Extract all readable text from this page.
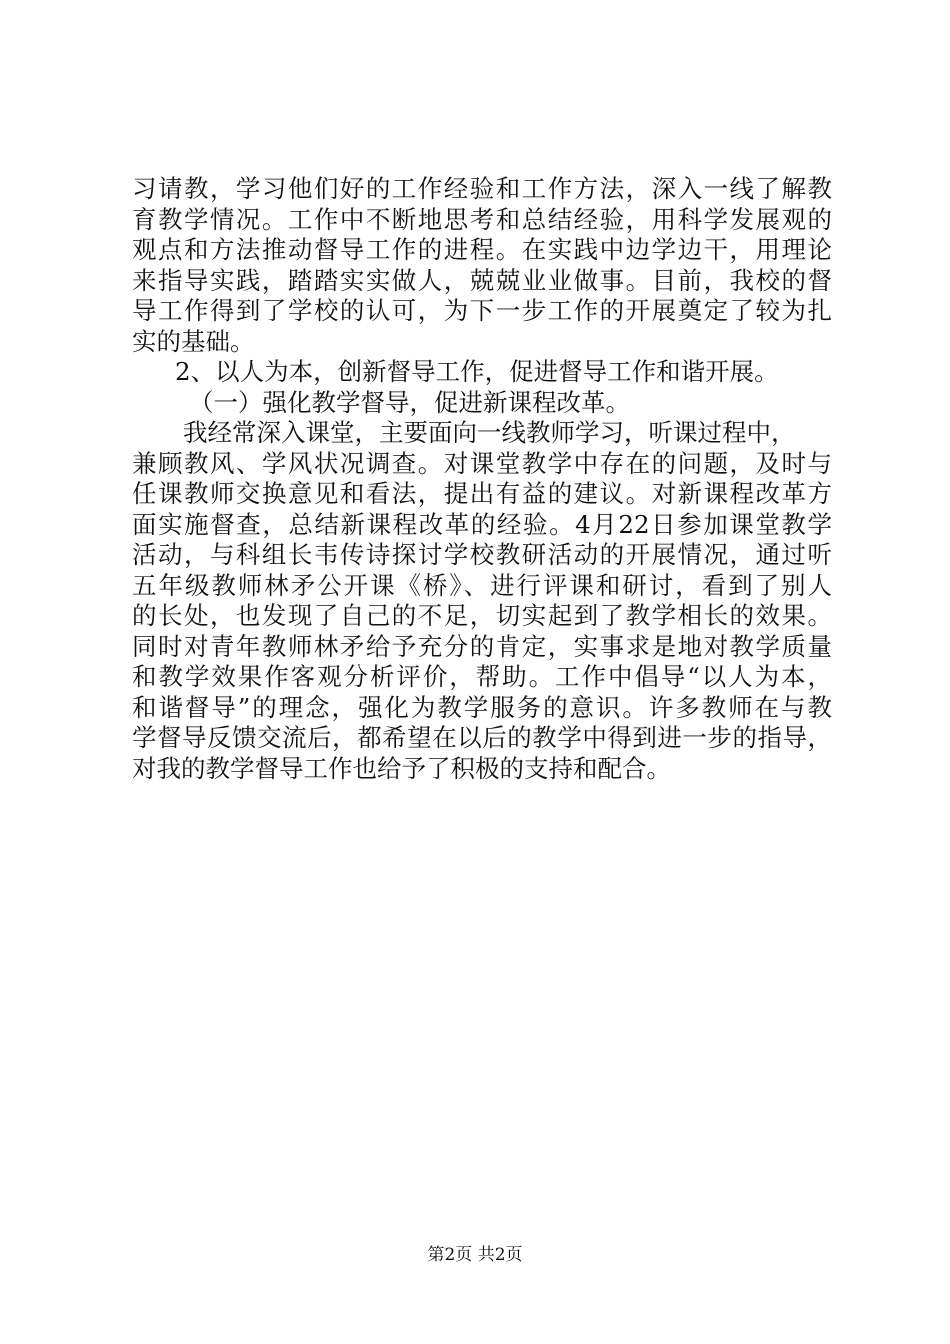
习请教，学习他们好的工作经验和工作方法，深入一线了解教
育教学情况。工作中不断地思考和总结经验，用科学发展观的
观点和方法推动督导工作的进程。在实践中边学边干，用理论
来指导实践，踏踏实实做人，兢兢业业做事。目前，我校的督
导工作得到了学校的认可，为下一步工作的开展奠定了较为扎
实的基础。
2、以人为本，创新督导工作，促进督导工作和谐开展。
（一）强化教学督导，促进新课程改革。
我经常深入课堂，主要面向一线教师学习，听课过程中，
兼顾教风、学风状况调查。对课堂教学中存在的问题，及时与
任课教师交换意见和看法，提出有益的建议。对新课程改革方
面实施督查，总结新课程改革的经验。4月22日参加课堂教学
活动，与科组长韦传诗探讨学校教研活动的开展情况，通过听
五年级教师林矛公开课《桥》、进行评课和研讨，看到了别人
的长处，也发现了自己的不足，切实起到了教学相长的效果。
同时对青年教师林矛给予充分的肯定，实事求是地对教学质量
和教学效果作客观分析评价，帮助。工作中倡导“以人为本，
和谐督导”的理念，强化为教学服务的意识。许多教师在与教
学督导反馈交流后，都希望在以后的教学中得到进一步的指导，
对我的教学督导工作也给予了积极的支持和配合。
第2页 共2页
